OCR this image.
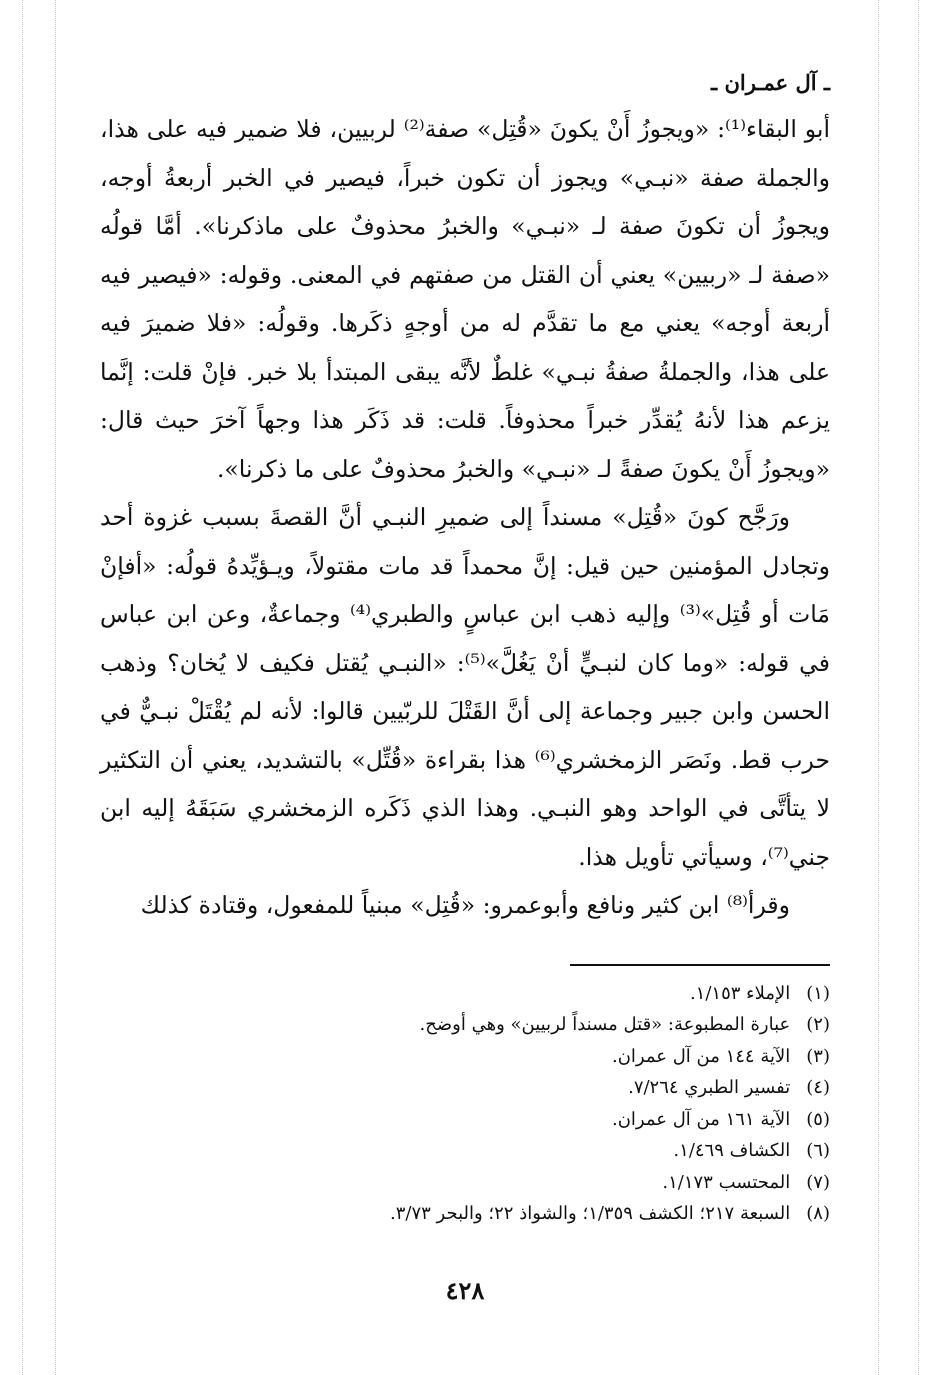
ـ آل عمـران ـ

أبو البقاء⁽¹⁾: «ويجوزُ أَنْ يكونَ «قُتِل» صفة⁽²⁾ لربيين، فلا ضمير فيه على هذا، والجملة صفة «نبـي» ويجوز أن تكون خبراً، فيصير في الخبر أربعةُ أوجه، ويجوزُ أن تكونَ صفة لـ «نبـي» والخبرُ محذوفٌ على ماذكرنا». أمَّا قولُه «صفة لـ «ربيين» يعني أن القتل من صفتهم في المعنى. وقوله: «فيصير فيه أربعة أوجه» يعني مع ما تقدَّم له من أوجهٍ ذكَرها. وقولُه: «فلا ضميرَ فيه على هذا، والجملةُ صفةُ نبـي» غلطٌ لأنَّه يبقى المبتدأ بلا خبر. فإنْ قلت: إنَّما يزعم هذا لأنهُ يُقدِّر خبراً محذوفاً. قلت: قد ذَكَر هذا وجهاً آخرَ حيث قال: «ويجوزُ أَنْ يكونَ صفةً لـ «نبـي» والخبرُ محذوفٌ على ما ذكرنا».

ورَجَّح كونَ «قُتِل» مسنداً إلى ضميرِ النبـي أنَّ القصةَ بسبب غزوة أحد وتجادل المؤمنين حين قيل: إنَّ محمداً قد مات مقتولاً، ويـؤيِّدهُ قولُه: «أفإنْ مَات أو قُتِل»⁽³⁾ وإليه ذهب ابن عباسٍ والطبري⁽⁴⁾ وجماعةٌ، وعن ابن عباس في قوله: «وما كان لنبـيٍّ أنْ يَغُلَّ»⁽⁵⁾: «النبـي يُقتل فكيف لا يُخان؟ وذهب الحسن وابن جبير وجماعة إلى أنَّ القَتْلَ للربّيين قالوا: لأنه لم يُقْتَلْ نبـيٌّ في حرب قط. ونَصَر الزمخشري⁽⁶⁾ هذا بقراءة «قُتِّل» بالتشديد، يعني أن التكثير لا يتأتَّى في الواحد وهو النبـي. وهذا الذي ذَكَره الزمخشري سَبَقَهُ إليه ابن جني⁽⁷⁾، وسيأتي تأويل هذا.

وقرأ⁽⁸⁾ ابن كثير ونافع وأبوعمرو: «قُتِل» مبنياً للمفعول، وقتادة كذلك

(١) الإملاء ١/١٥٣.
(٢) عبارة المطبوعة: «قتل مسنداً لربيين» وهي أوضح.
(٣) الآية ١٤٤ من آل عمران.
(٤) تفسير الطبري ٧/٢٦٤.
(٥) الآية ١٦١ من آل عمران.
(٦) الكشاف ١/٤٦٩.
(٧) المحتسب ١/١٧٣.
(٨) السبعة ٢١٧؛ الكشف ١/٣٥٩؛ والشواذ ٢٢؛ والبحر ٣/٧٣.
٤٢٨
